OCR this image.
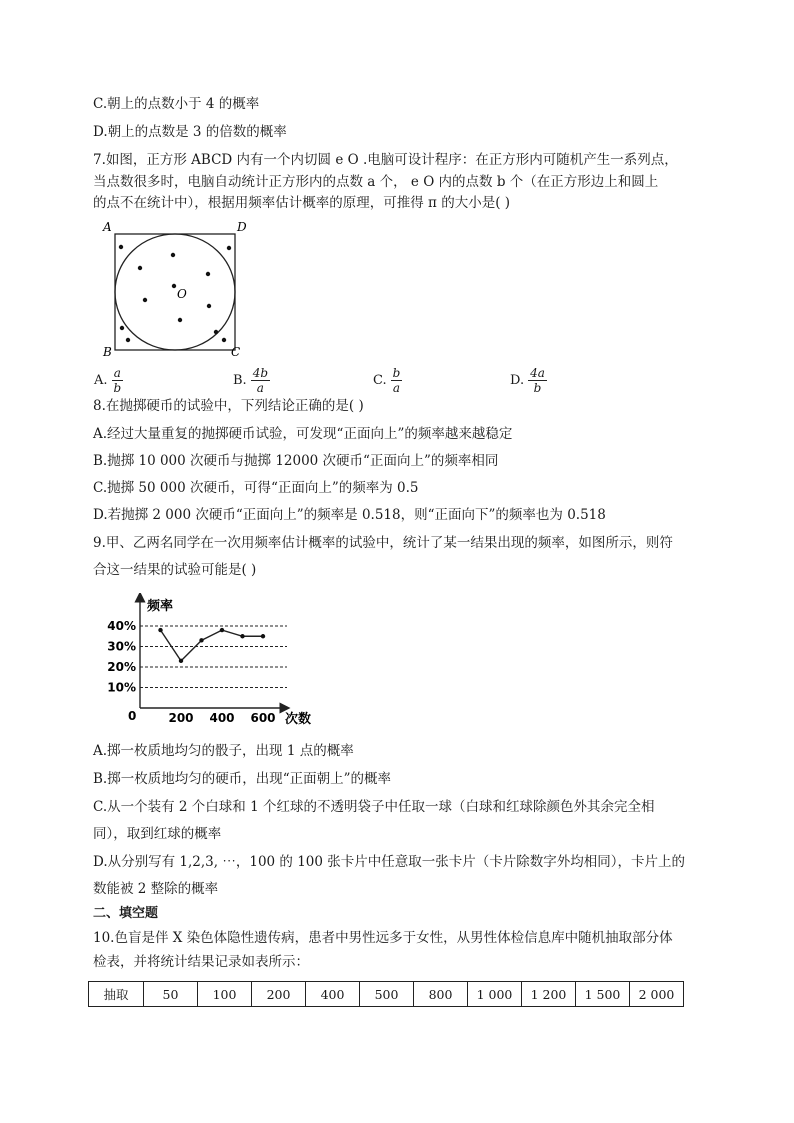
C.朝上的点数小于 4 的概率
D.朝上的点数是 3 的倍数的概率
7.如图，正方形 ABCD 内有一个内切圆 e O .电脑可设计程序：在正方形内可随机产生一系列点，
当点数很多时，电脑自动统计正方形内的点数 a 个， e O 内的点数 b 个（在正方形边上和圆上
的点不在统计中），根据用频率估计概率的原理，可推得 π 的大小是( )
A	D
B	C
O
A. $\frac{a}{b}$	B. $\frac{4b}{a}$	C. $\frac{b}{a}$	D. $\frac{4a}{b}$
8.在抛掷硬币的试验中，下列结论正确的是( )
A.经过大量重复的抛掷硬币试验，可发现“正面向上”的频率越来越稳定
B.抛掷 10 000 次硬币与抛掷 12000 次硬币“正面向上”的频率相同
C.抛掷 50 000 次硬币，可得“正面向上”的频率为 0.5
D.若抛掷 2 000 次硬币“正面向上”的频率是 0.518，则“正面向下”的频率也为 0.518
9.甲、乙两名同学在一次用频率估计概率的试验中，统计了某一结果出现的频率，如图所示，则符
合这一结果的试验可能是( )
频率
次数
0
10%
20%
30%
40%
200 400 600
A.掷一枚质地均匀的骰子，出现 1 点的概率
B.掷一枚质地均匀的硬币，出现“正面朝上”的概率
C.从一个装有 2 个白球和 1 个红球的不透明袋子中任取一球（白球和红球除颜色外其余完全相
同），取到红球的概率
D.从分别写有 1,2,3, ⋯，100 的 100 张卡片中任意取一张卡片（卡片除数字外均相同），卡片上的
数能被 2 整除的概率
二、填空题
10.色盲是伴 X 染色体隐性遗传病，患者中男性远多于女性，从男性体检信息库中随机抽取部分体
检表，并将统计结果记录如表所示：
抽取	50	100	200	400	500	800	1 000	1 200	1 500	2 000
